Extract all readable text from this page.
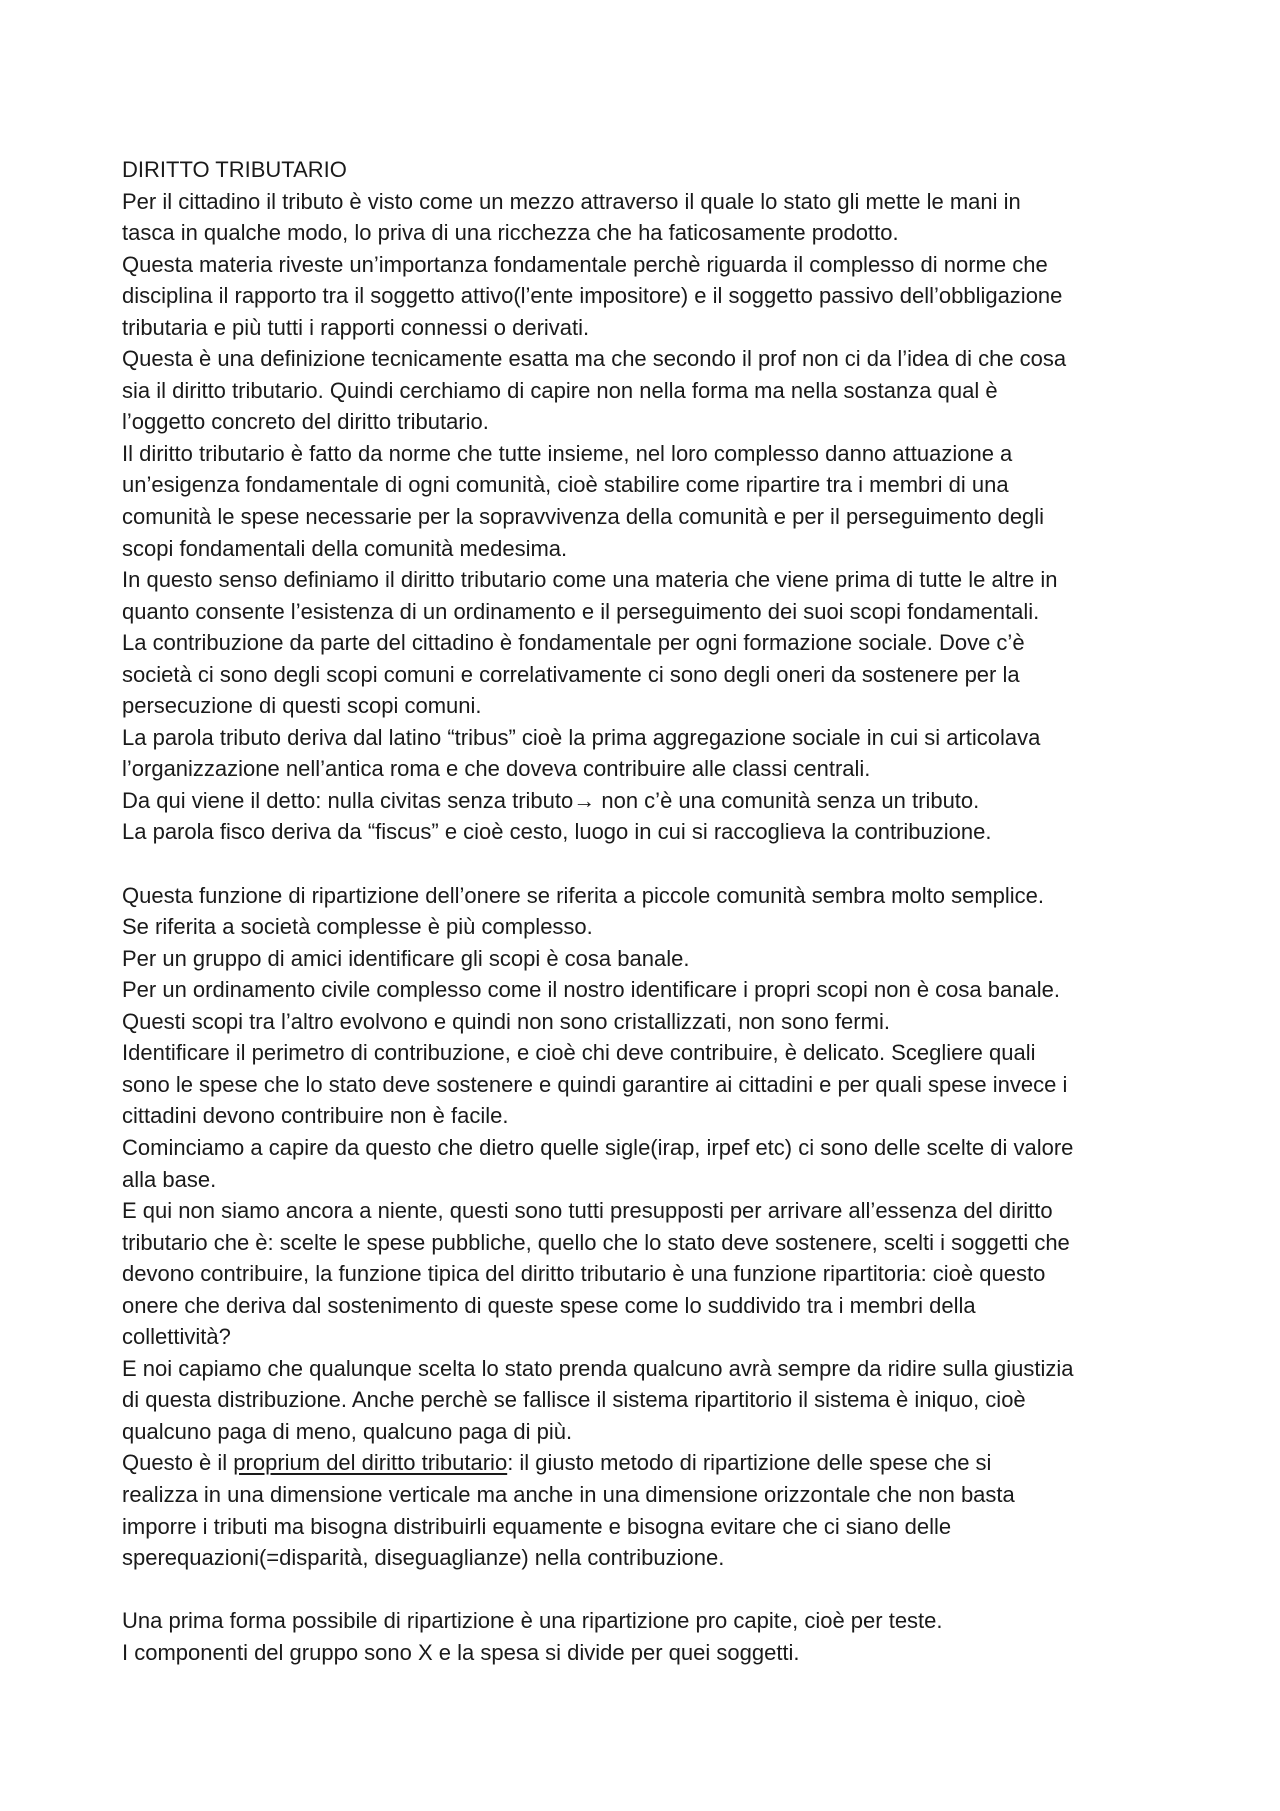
DIRITTO TRIBUTARIO
Per il cittadino il tributo è visto come un mezzo attraverso il quale lo stato gli mette le mani in
tasca in qualche modo, lo priva di una ricchezza che ha faticosamente prodotto.
Questa materia riveste un’importanza fondamentale perchè riguarda il complesso di norme che
disciplina il rapporto tra il soggetto attivo(l’ente impositore) e il soggetto passivo dell’obbligazione
tributaria e più tutti i rapporti connessi o derivati.
Questa è una definizione tecnicamente esatta ma che secondo il prof non ci da l’idea di che cosa
sia il diritto tributario. Quindi cerchiamo di capire non nella forma ma nella sostanza qual è
l’oggetto concreto del diritto tributario.
Il diritto tributario è fatto da norme che tutte insieme, nel loro complesso danno attuazione a
un’esigenza fondamentale di ogni comunità, cioè stabilire come ripartire tra i membri di una
comunità le spese necessarie per la sopravvivenza della comunità e per il perseguimento degli
scopi fondamentali della comunità medesima.
In questo senso definiamo il diritto tributario come una materia che viene prima di tutte le altre in
quanto consente l’esistenza di un ordinamento e il perseguimento dei suoi scopi fondamentali.
La contribuzione da parte del cittadino è fondamentale per ogni formazione sociale. Dove c’è
società ci sono degli scopi comuni e correlativamente ci sono degli oneri da sostenere per la
persecuzione di questi scopi comuni.
La parola tributo deriva dal latino “tribus” cioè la prima aggregazione sociale in cui si articolava
l’organizzazione nell’antica roma e che doveva contribuire alle classi centrali.
Da qui viene il detto: nulla civitas senza tributo→ non c’è una comunità senza un tributo.
La parola fisco deriva da “fiscus” e cioè cesto, luogo in cui si raccoglieva la contribuzione.
Questa funzione di ripartizione dell’onere se riferita a piccole comunità sembra molto semplice.
Se riferita a società complesse è più complesso.
Per un gruppo di amici identificare gli scopi è cosa banale.
Per un ordinamento civile complesso come il nostro identificare i propri scopi non è cosa banale.
Questi scopi tra l’altro evolvono e quindi non sono cristallizzati, non sono fermi.
Identificare il perimetro di contribuzione, e cioè chi deve contribuire, è delicato. Scegliere quali
sono le spese che lo stato deve sostenere e quindi garantire ai cittadini e per quali spese invece i
cittadini devono contribuire non è facile.
Cominciamo a capire da questo che dietro quelle sigle(irap, irpef etc) ci sono delle scelte di valore
alla base.
E qui non siamo ancora a niente, questi sono tutti presupposti per arrivare all’essenza del diritto
tributario che è: scelte le spese pubbliche, quello che lo stato deve sostenere, scelti i soggetti che
devono contribuire, la funzione tipica del diritto tributario è una funzione ripartitoria: cioè questo
onere che deriva dal sostenimento di queste spese come lo suddivido tra i membri della
collettività?
E noi capiamo che qualunque scelta lo stato prenda qualcuno avrà sempre da ridire sulla giustizia
di questa distribuzione. Anche perchè se fallisce il sistema ripartitorio il sistema è iniquo, cioè
qualcuno paga di meno, qualcuno paga di più.
Questo è il proprium del diritto tributario: il giusto metodo di ripartizione delle spese che si
realizza in una dimensione verticale ma anche in una dimensione orizzontale che non basta
imporre i tributi ma bisogna distribuirli equamente e bisogna evitare che ci siano delle
sperequazioni(=disparità, diseguaglianze) nella contribuzione.
Una prima forma possibile di ripartizione è una ripartizione pro capite, cioè per teste.
I componenti del gruppo sono X e la spesa si divide per quei soggetti.
